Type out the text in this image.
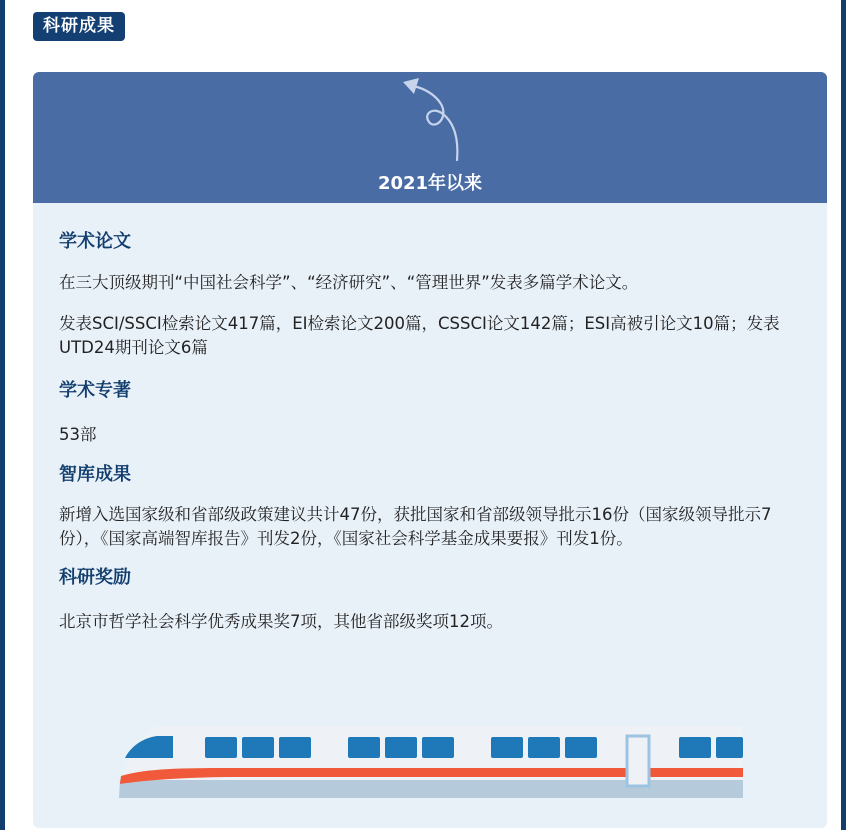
科研成果
2021年以来

学术论文

在三大顶级期刊“中国社会科学”、“经济研究”、“管理世界”发表多篇学术论文。

发表SCI/SSCI检索论文417篇，EI检索论文200篇，CSSCI论文142篇；ESI高被引论文10篇；发表UTD24期刊论文6篇

学术专著

53部

智库成果

新增入选国家级和省部级政策建议共计47份，获批国家和省部级领导批示16份（国家级领导批示7份），《国家高端智库报告》刊发2份，《国家社会科学基金成果要报》刊发1份。

科研奖励

北京市哲学社会科学优秀成果奖7项，其他省部级奖项12项。
